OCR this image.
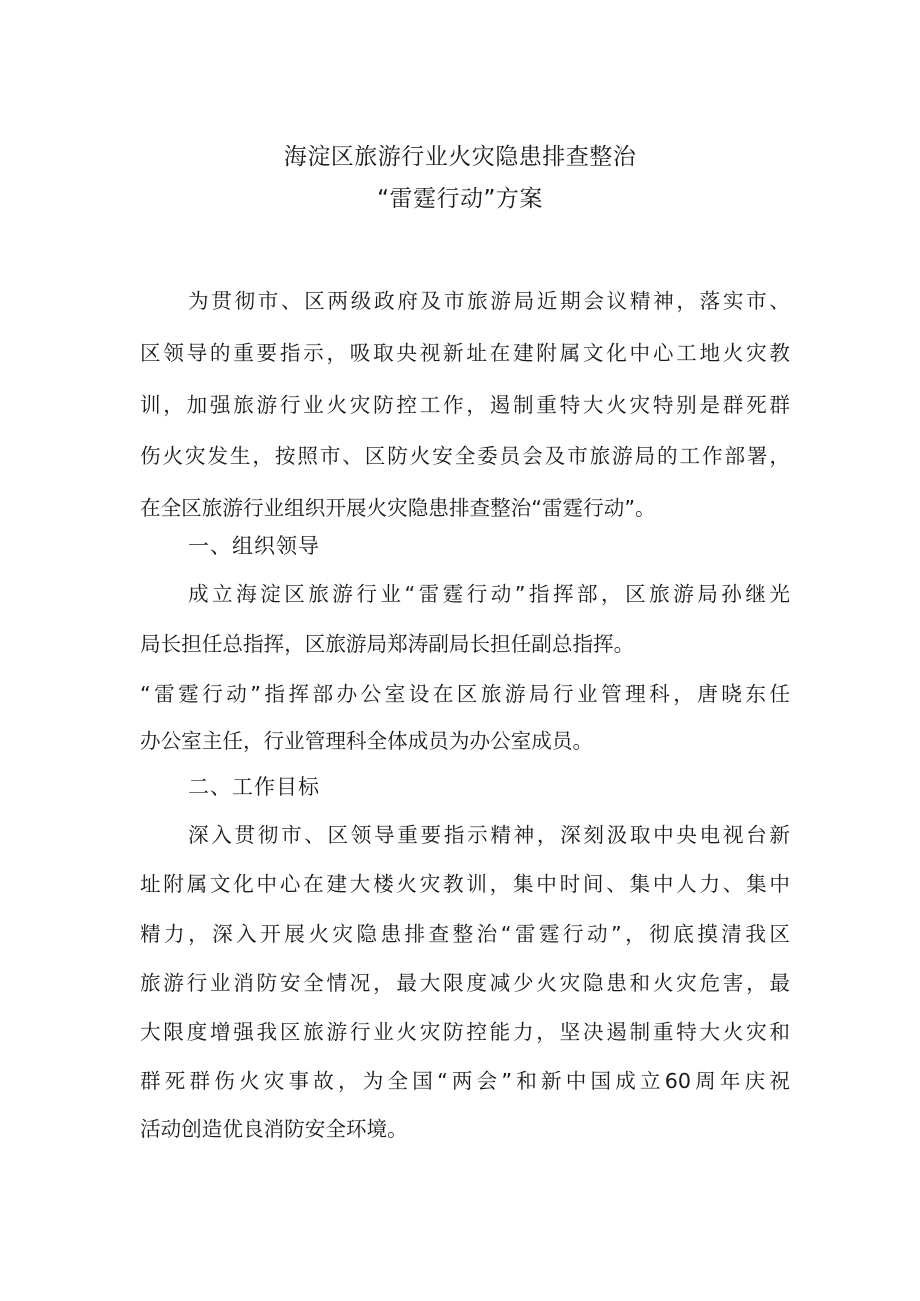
海淀区旅游行业火灾隐患排查整治
“雷霆行动”方案
为贯彻市、区两级政府及市旅游局近期会议精神，落实市、
区领导的重要指示，吸取央视新址在建附属文化中心工地火灾教
训，加强旅游行业火灾防控工作，遏制重特大火灾特别是群死群
伤火灾发生，按照市、区防火安全委员会及市旅游局的工作部署，
在全区旅游行业组织开展火灾隐患排查整治“雷霆行动”。
一、组织领导
成立海淀区旅游行业“雷霆行动”指挥部，区旅游局孙继光
局长担任总指挥，区旅游局郑涛副局长担任副总指挥。
“雷霆行动”指挥部办公室设在区旅游局行业管理科，唐晓东任
办公室主任，行业管理科全体成员为办公室成员。
二、工作目标
深入贯彻市、区领导重要指示精神，深刻汲取中央电视台新
址附属文化中心在建大楼火灾教训，集中时间、集中人力、集中
精力，深入开展火灾隐患排查整治“雷霆行动”，彻底摸清我区
旅游行业消防安全情况，最大限度减少火灾隐患和火灾危害，最
大限度增强我区旅游行业火灾防控能力，坚决遏制重特大火灾和
群死群伤火灾事故，为全国“两会”和新中国成立60周年庆祝
活动创造优良消防安全环境。
